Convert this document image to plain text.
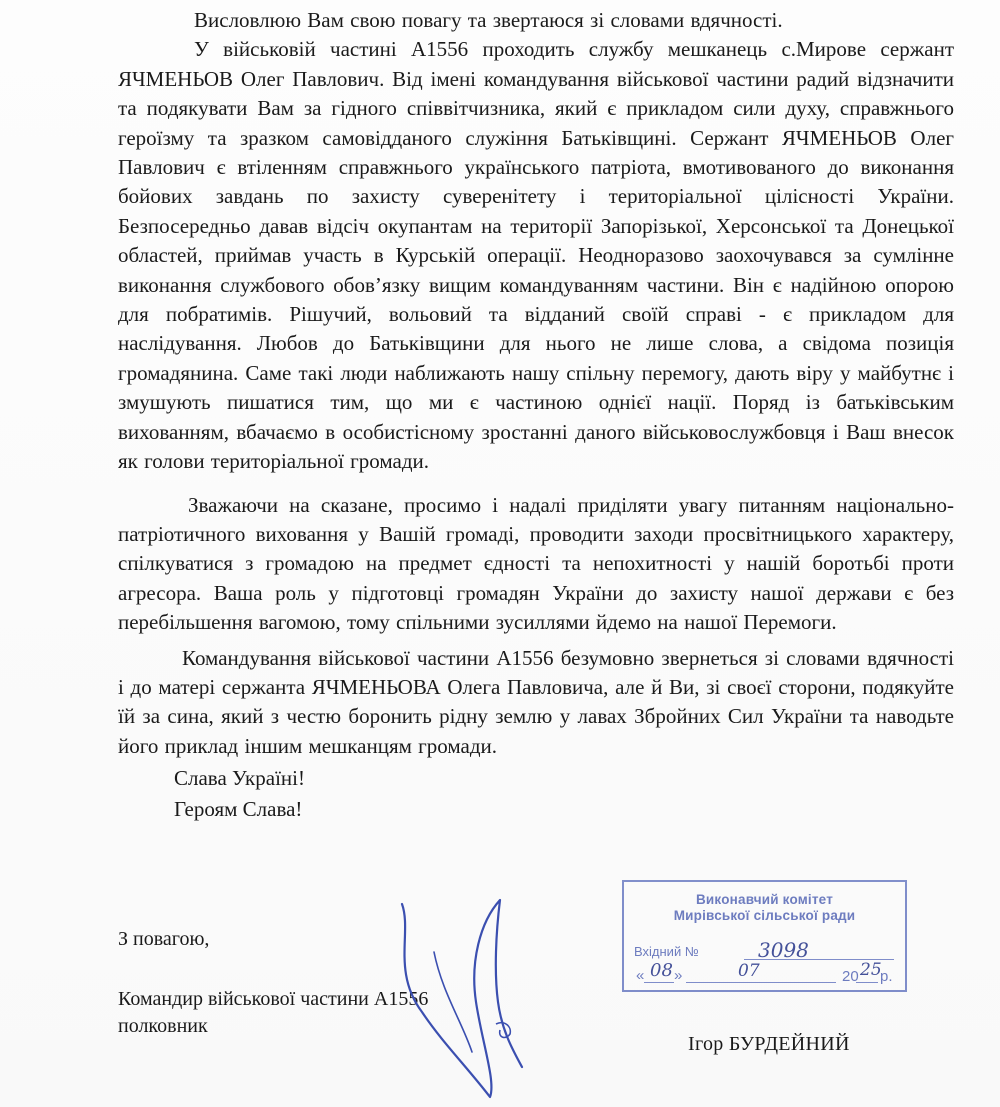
Висловлюю Вам свою повагу та звертаюся зі словами вдячності.

У військовій частині А1556 проходить службу мешканець с.Мирове сержант ЯЧМЕНЬОВ Олег Павлович. Від імені командування військової частини радий відзначити та подякувати Вам за гідного співвітчизника, який є прикладом сили духу, справжнього героїзму та зразком самовідданого служіння Батьківщині. Сержант ЯЧМЕНЬОВ Олег Павлович є втіленням справжнього українського патріота, вмотивованого до виконання бойових завдань по захисту суверенітету і територіальної цілісності України. Безпосередньо давав відсіч окупантам на території Запорізької, Херсонської та Донецької областей, приймав участь в Курській операції. Неодноразово заохочувався за сумлінне виконання службового обов’язку вищим командуванням частини. Він є надійною опорою для побратимів. Рішучий, вольовий та відданий своїй справі - є прикладом для наслідування. Любов до Батьківщини для нього не лише слова, а свідома позиція громадянина. Саме такі люди наближають нашу спільну перемогу, дають віру у майбутнє і змушують пишатися тим, що ми є частиною однієї нації. Поряд із батьківським вихованням, вбачаємо в особистісному зростанні даного військовослужбовця і Ваш внесок як голови територіальної громади.

Зважаючи на сказане, просимо і надалі приділяти увагу питанням національно-патріотичного виховання у Вашій громаді, проводити заходи просвітницького характеру, спілкуватися з громадою на предмет єдності та непохитності у нашій боротьбі проти агресора. Ваша роль у підготовці громадян України до захисту нашої держави є без перебільшення вагомою, тому спільними зусиллями йдемо на нашої Перемоги.

Командування військової частини А1556 безумовно звернеться зі словами вдячності і до матері сержанта ЯЧМЕНЬОВА Олега Павловича, але й Ви, зі своєї сторони, подякуйте їй за сина, який з честю боронить рідну землю у лавах Збройних Сил України та наводьте його приклад іншим мешканцям громади.

Слава Україні!
Героям Слава!
З повагою,
Командир військової частини А1556
полковник
Ігор БУРДЕЙНИЙ
Виконавчий комітет
Мирівської сільської ради
Вхідний №	3098
« »
08	07	20 25
р.
